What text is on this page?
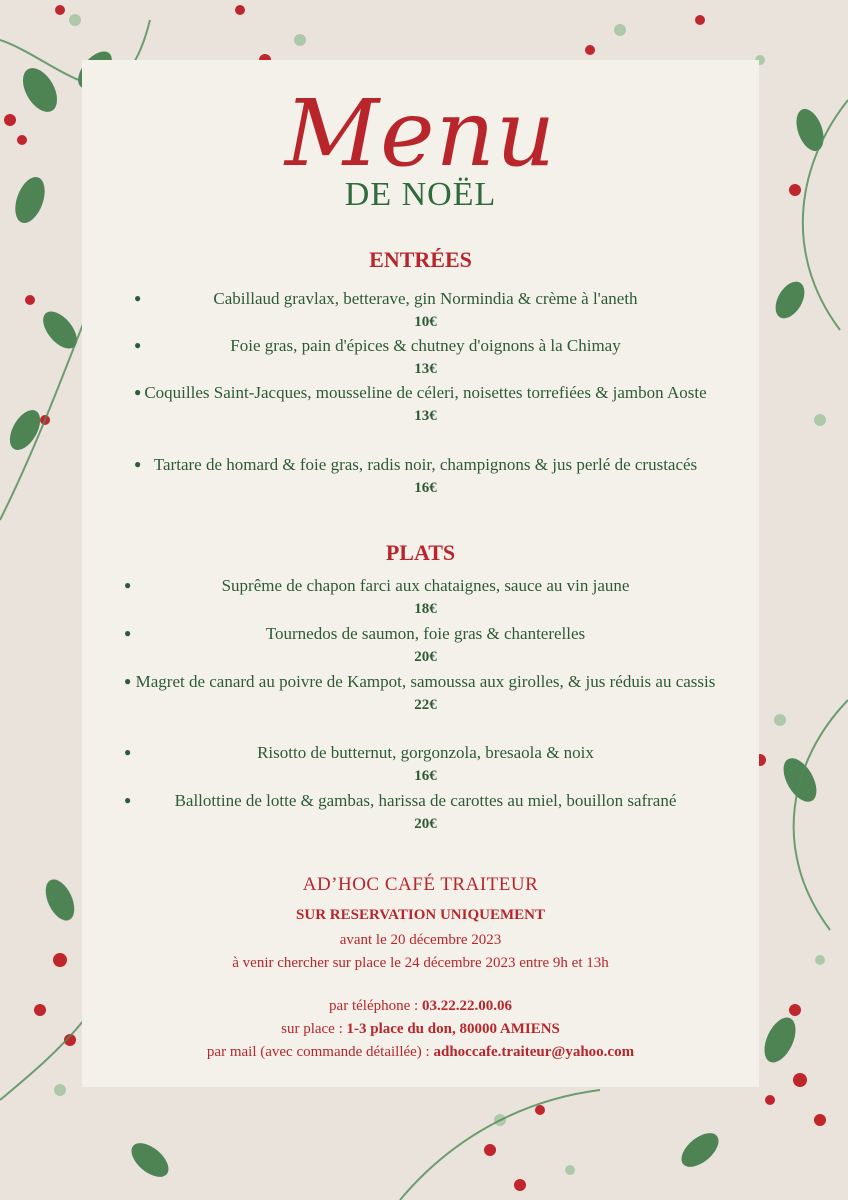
Menu
DE NOËL
ENTRÉES
●	Cabillaud gravlax, betterave, gin Normindia & crème à l'aneth
10€
●	Foie gras, pain d'épices & chutney d'oignons à la Chimay
13€
● Coquilles Saint-Jacques, mousseline de céleri, noisettes torrefiées & jambon Aoste
13€
● Tartare de homard & foie gras, radis noir, champignons & jus perlé de crustacés
16€
PLATS
●	Suprême de chapon farci aux chataignes, sauce au vin jaune
18€
●	Tournedos de saumon, foie gras & chanterelles
20€
● Magret de canard au poivre de Kampot, samoussa aux girolles, & jus réduis au cassis
22€
●	Risotto de butternut, gorgonzola, bresaola & noix
16€
●	Ballottine de lotte & gambas, harissa de carottes au miel, bouillon safrané
20€
AD’HOC CAFÉ TRAITEUR
SUR RESERVATION UNIQUEMENT
avant le 20 décembre 2023
à venir chercher sur place le 24 décembre 2023 entre 9h et 13h
par téléphone : 03.22.22.00.06
sur place : 1-3 place du don, 80000 AMIENS
par mail (avec commande détaillée) : adhoccafe.traiteur@yahoo.com
